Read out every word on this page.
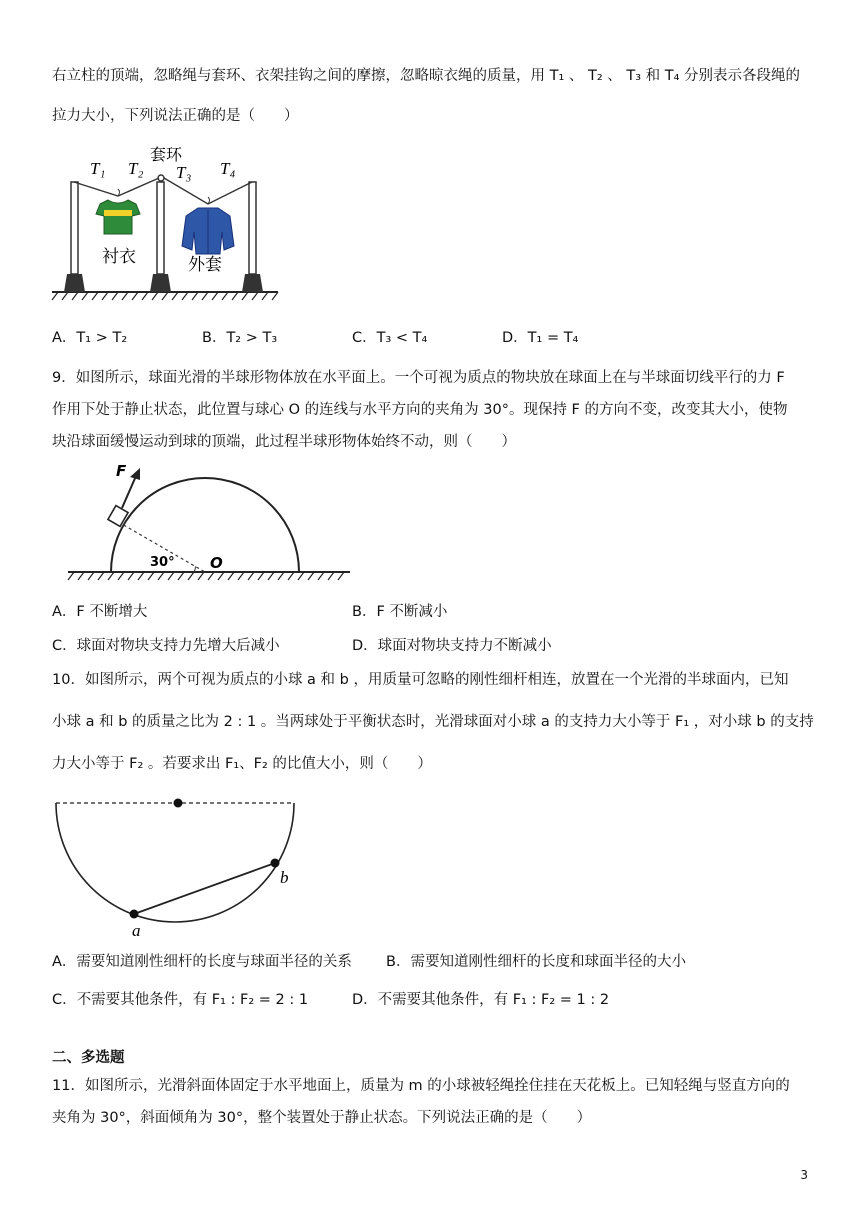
右立柱的顶端，忽略绳与套环、衣架挂钩之间的摩擦，忽略晾衣绳的质量，用 T₁ 、 T₂ 、 T₃ 和 T₄ 分别表示各段绳的
拉力大小，下列说法正确的是（　　）
T₁ T₂
套环
T₃ T₄
衬衣	外套
A．T₁ > T₂	B．T₂ > T₃	C．T₃ < T₄	D．T₁ = T₄
9．如图所示，球面光滑的半球形物体放在水平面上。一个可视为质点的物块放在球面上在与半球面切线平行的力 F
作用下处于静止状态，此位置与球心 O 的连线与水平方向的夹角为 30°。现保持 F 的方向不变，改变其大小，使物
块沿球面缓慢运动到球的顶端，此过程半球形物体始终不动，则（　　）
F
O
30°
A．F 不断增大	B．F 不断减小
C．球面对物块支持力先增大后减小	D．球面对物块支持力不断减小
10．如图所示，两个可视为质点的小球 a 和 b ，用质量可忽略的刚性细杆相连，放置在一个光滑的半球面内，已知
小球 a 和 b 的质量之比为 2 : 1 。当两球处于平衡状态时，光滑球面对小球 a 的支持力大小等于 F₁ ，对小球 b 的支持
力大小等于 F₂ 。若要求出 F₁、F₂ 的比值大小，则（　　）
a
b
A．需要知道刚性细杆的长度与球面半径的关系 B．需要知道刚性细杆的长度和球面半径的大小
C．不需要其他条件，有 F₁ : F₂ = 2 : 1	D．不需要其他条件，有 F₁ : F₂ = 1 : 2
二、多选题
11．如图所示，光滑斜面体固定于水平地面上，质量为 m 的小球被轻绳拴住挂在天花板上。已知轻绳与竖直方向的
夹角为 30°，斜面倾角为 30°，整个装置处于静止状态。下列说法正确的是（　　）
3
